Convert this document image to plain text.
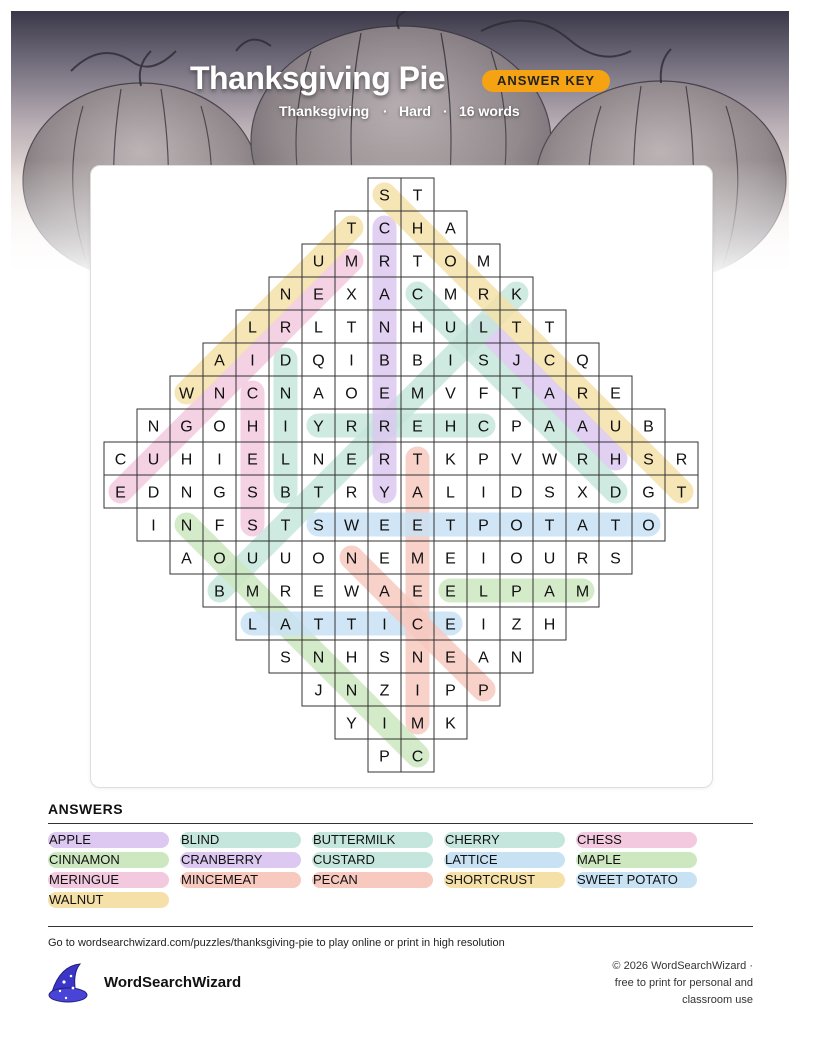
Thanksgiving Pie	ANSWER KEY
Thanksgiving · Hard · 16 words
S T
T C H A
U M R T O M
N E X A C M R K
L R L T N H U L T T
A I D Q I B B I S J C Q
W N C N A O E M V F T A R E
N G O H I Y R R E H C P A A U B
C U H I E L N E R T K P V W R H S R
E D N G S B T R Y A L I D S X D G T
I N F S T S W E E T P O T A T O
A O U U O N E M E I O U R S
B M R E W A E E L P A M
L A T T I C E I Z H
S N H S N E A N
J N Z I P P
Y I M K
P C
ANSWERS
APPLE	BLIND	BUTTERMILK	CHERRY	CHESS
CINNAMON	CRANBERRY	CUSTARD	LATTICE	MAPLE
MERINGUE	MINCEMEAT	PECAN	SHORTCRUST	SWEET POTATO
WALNUT
Go to wordsearchwizard.com/puzzles/thanksgiving-pie to play online or print in high resolution
WordSearchWizard
© 2026 WordSearchWizard ·
free to print for personal and
classroom use
